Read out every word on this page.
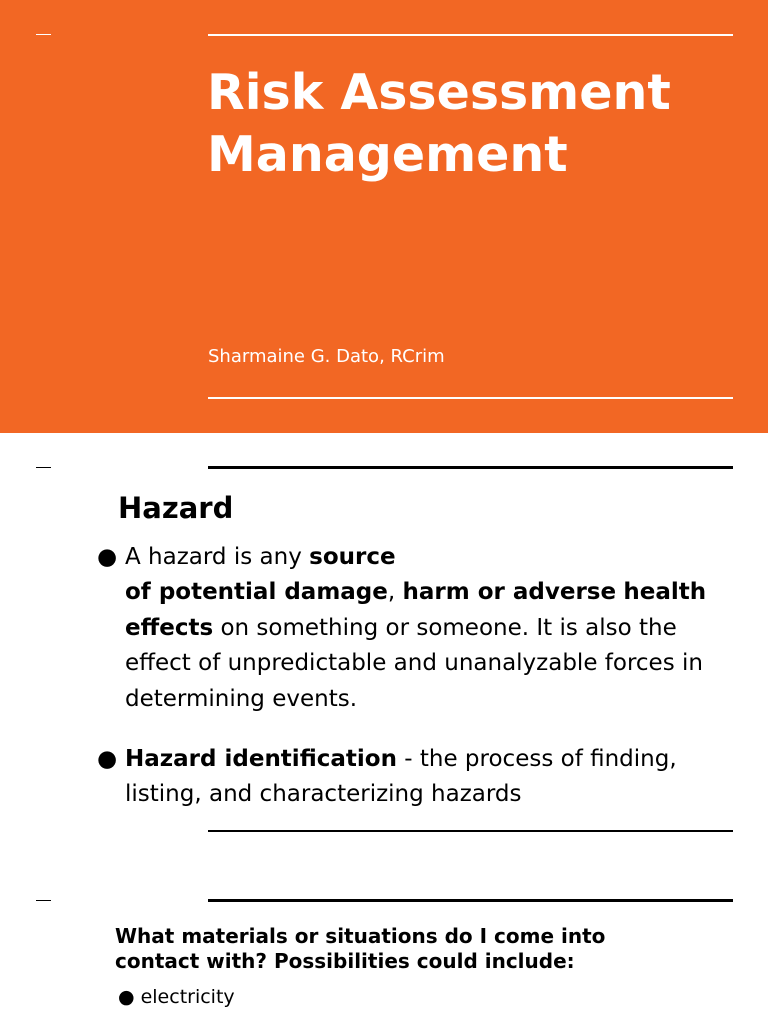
Risk Assessment
Management

Sharmaine G. Dato, RCrim

Hazard
● A hazard is any source
of potential damage, harm or adverse health effects on something or someone. It is also the effect of unpredictable and unanalyzable forces in determining events.
● Hazard identification - the process of finding, listing, and characterizing hazards

What materials or situations do I come into contact with? Possibilities could include:

● electricity
